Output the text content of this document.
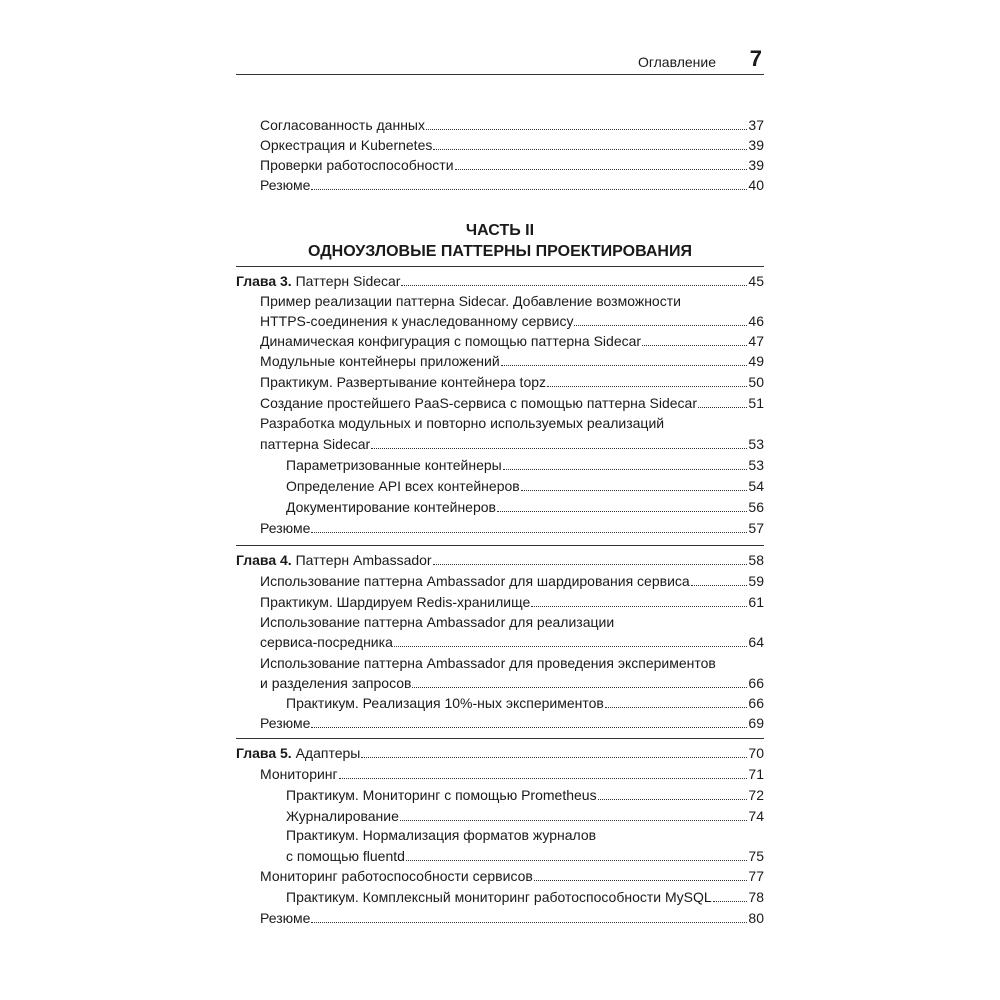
Оглавление 7
Согласованность данных	37
Оркестрация и Kubernetes	39
Проверки работоспособности	39
Резюме	40
Глава 3. Паттерн Sidecar	45
Пример реализации паттерна Sidecar. Добавление возможности
HTTPS-соединения к унаследованному сервису	46
Динамическая конфигурация с помощью паттерна Sidecar	47
Модульные контейнеры приложений	49
Практикум. Развертывание контейнера topz	50
Создание простейшего PaaS-сервиса с помощью паттерна Sidecar	51
Разработка модульных и повторно используемых реализаций
паттерна Sidecar	53
Параметризованные контейнеры	53
Определение API всех контейнеров	54
Документирование контейнеров	56
Резюме	57
Глава 4. Паттерн Ambassador	58
Использование паттерна Ambassador для шардирования сервиса	59
Практикум. Шардируем Redis-хранилище	61
Использование паттерна Ambassador для реализации
сервиса-посредника	64
Использование паттерна Ambassador для проведения экспериментов
и разделения запросов	66
Практикум. Реализация 10%-ных экспериментов	66
Резюме	69
Глава 5. Адаптеры	70
Мониторинг	71
Практикум. Мониторинг с помощью Prometheus	72
Журналирование	74
Практикум. Нормализация форматов журналов
с помощью fluentd	75
Мониторинг работоспособности сервисов	77
Практикум. Комплексный мониторинг работоспособности MySQL	78
Резюме	80
ЧАСТЬ II
ОДНОУЗЛОВЫЕ ПАТТЕРНЫ ПРОЕКТИРОВАНИЯ
